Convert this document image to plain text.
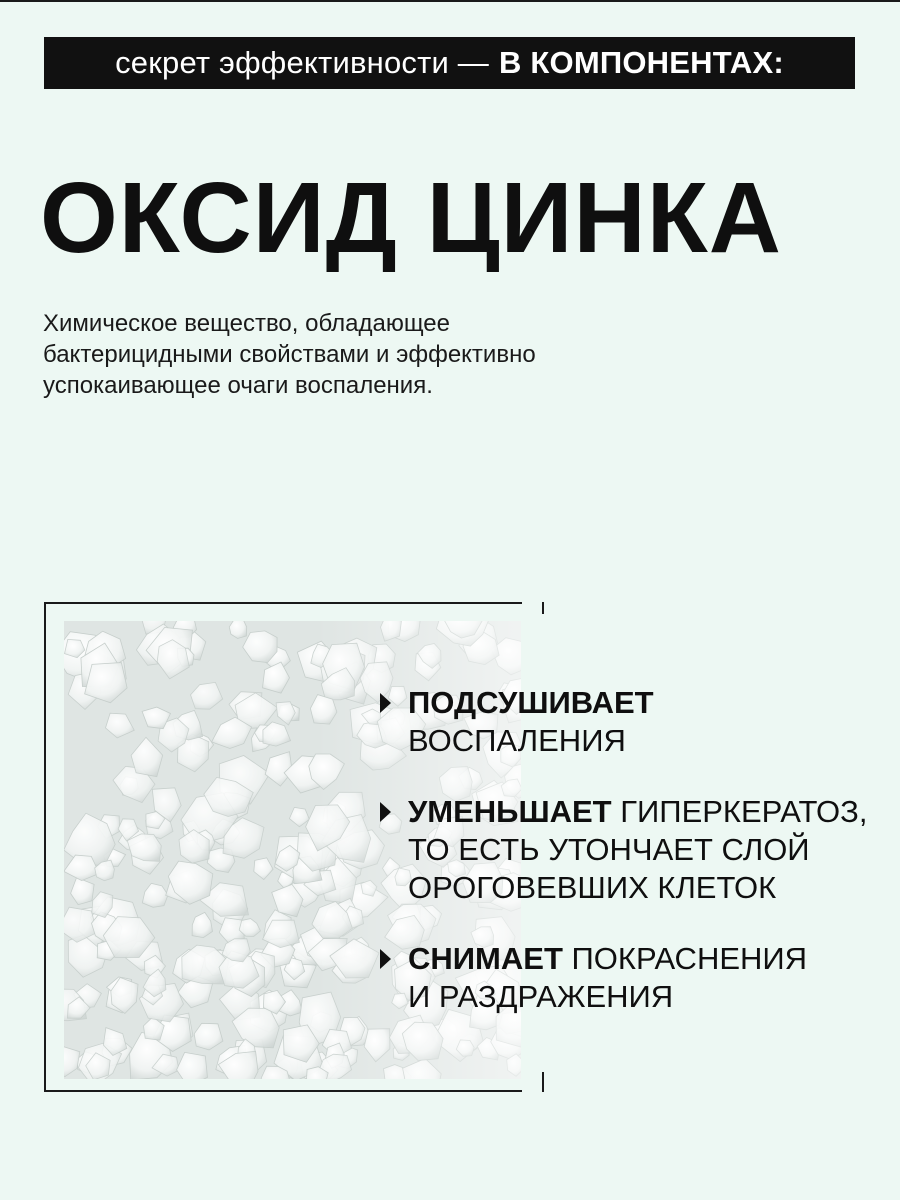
секрет эффективности — В КОМПОНЕНТАХ:
ОКСИД ЦИНКА
Химическое вещество, обладающее
бактерицидными свойствами и эффективно
успокаивающее очаги воспаления.
ПОДСУШИВАЕТ
ВОСПАЛЕНИЯ
УМЕНЬШАЕТ ГИПЕРКЕРАТОЗ,
ТО ЕСТЬ УТОНЧАЕТ СЛОЙ
ОРОГОВЕВШИХ КЛЕТОК
СНИМАЕТ ПОКРАСНЕНИЯ
И РАЗДРАЖЕНИЯ
